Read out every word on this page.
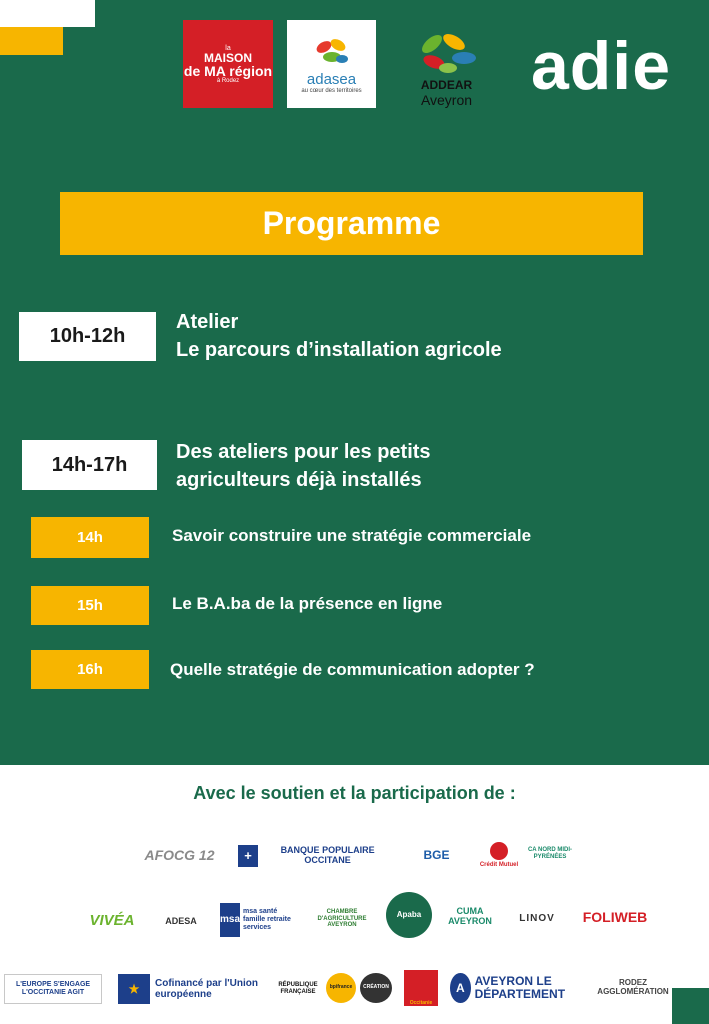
la
MAISON
de MA région
à Rodez	adasea
au cœur des territoires	ADDEAR
Aveyron adie
Programme
10h-12h
Atelier
Le parcours d’installation agricole
14h-17h
Des ateliers pour les petits
agriculteurs déjà installés
14h	Savoir construire une stratégie commerciale
15h	Le B.A.ba de la présence en ligne
16h	Quelle stratégie de communication adopter ?
Avec le soutien et la participation de :
AFOCG 12	+	BANQUE POPULAIRE OCCITANE	BGE
Crédit Mutuel
CA NORD MIDI-PYRÉNÉES
VIVÉA	ADESA	msa
msa santé famille retraite services
CHAMBRE D'AGRICULTURE AVEYRON
Apaba	CUMA AVEYRON	LINOV	FOLIWEB
L'EUROPE S'ENGAGE L'OCCITANIE AGIT	★	Cofinancé par l'Union européenne
RÉPUBLIQUE FRANÇAISE
bpifrance	CRÉATION
Occitanie
A
AVEYRON LE DÉPARTEMENT
RODEZ AGGLOMÉRATION
